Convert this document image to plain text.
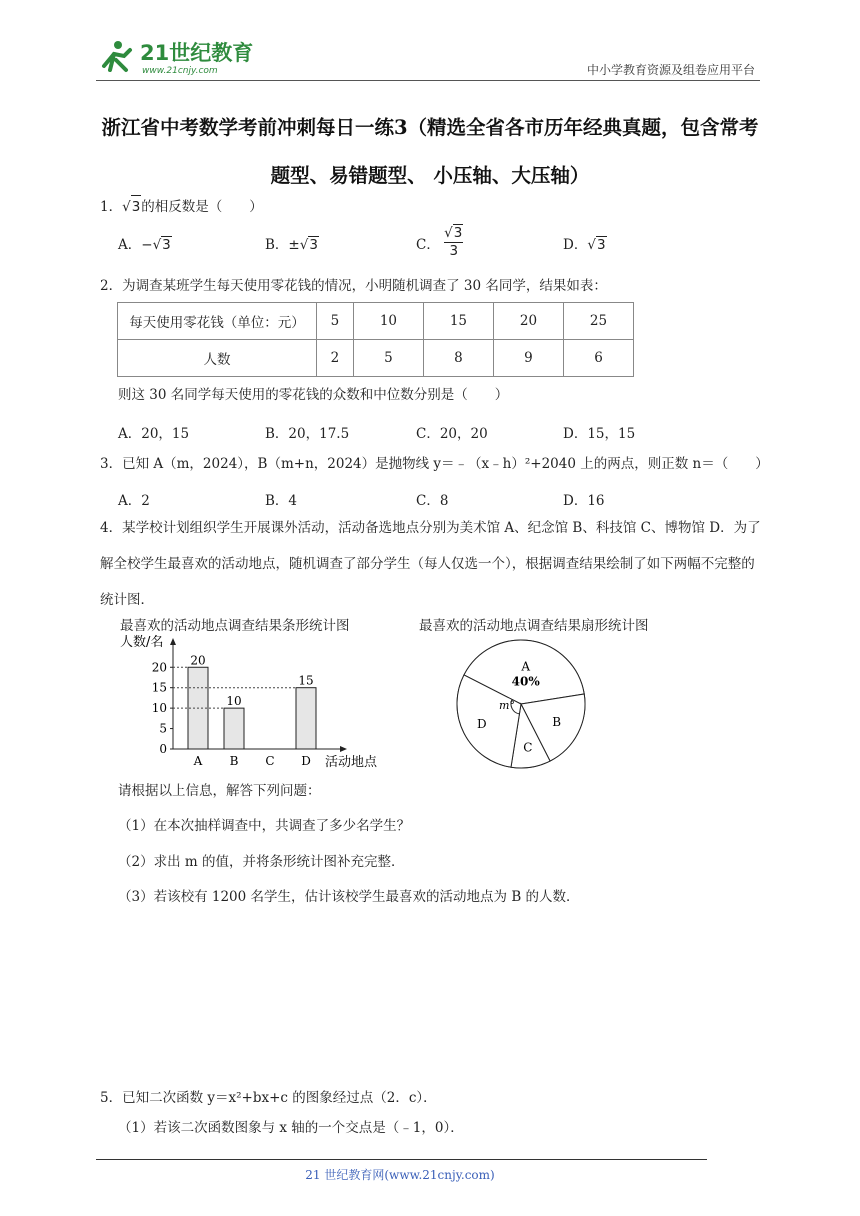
21世纪教育
www.21cnjy.com	中小学教育资源及组卷应用平台
浙江省中考数学考前冲刺每日一练3（精选全省各市历年经典真题，包含常考题型、易错题型、 小压轴、大压轴）
1．√3的相反数是（　　）
A．−√3	B．±√3	C． $\frac{√3}{3}$	D．√3
2．为调查某班学生每天使用零花钱的情况，小明随机调查了 30 名同学，结果如表：
每天使用零花钱（单位：元）	5	10	15	20	25
人数	2	5	8	9	6
则这 30 名同学每天使用的零花钱的众数和中位数分别是（　　）
A．20，15	B．20，17.5	C．20，20	D．15，15
3．已知 A（m，2024），B（m+n，2024）是抛物线 y＝﹣（x﹣h）²+2040 上的两点，则正数 n＝（　　）
A．2	B．4	C．8	D．16
4．某学校计划组织学生开展课外活动，活动备选地点分别为美术馆 A、纪念馆 B、科技馆 C、博物馆 D．为了解全校学生最喜欢的活动地点，随机调查了部分学生（每人仅选一个），根据调查结果绘制了如下两幅不完整的统计图．
最喜欢的活动地点调查结果条形统计图
人数/名
0
5
10
15
20 20
A
10
B C
15
D 活动地点
最喜欢的活动地点调查结果扇形统计图
A
40%
B
C
D
m°
请根据以上信息，解答下列问题：
（1）在本次抽样调查中，共调查了多少名学生？
（2）求出 m 的值，并将条形统计图补充完整．
（3）若该校有 1200 名学生，估计该校学生最喜欢的活动地点为 B 的人数．
5．已知二次函数 y＝x²+bx+c 的图象经过点（2．c）．
（1）若该二次函数图象与 x 轴的一个交点是（﹣1，0）．
21 世纪教育网(www.21cnjy.com)
